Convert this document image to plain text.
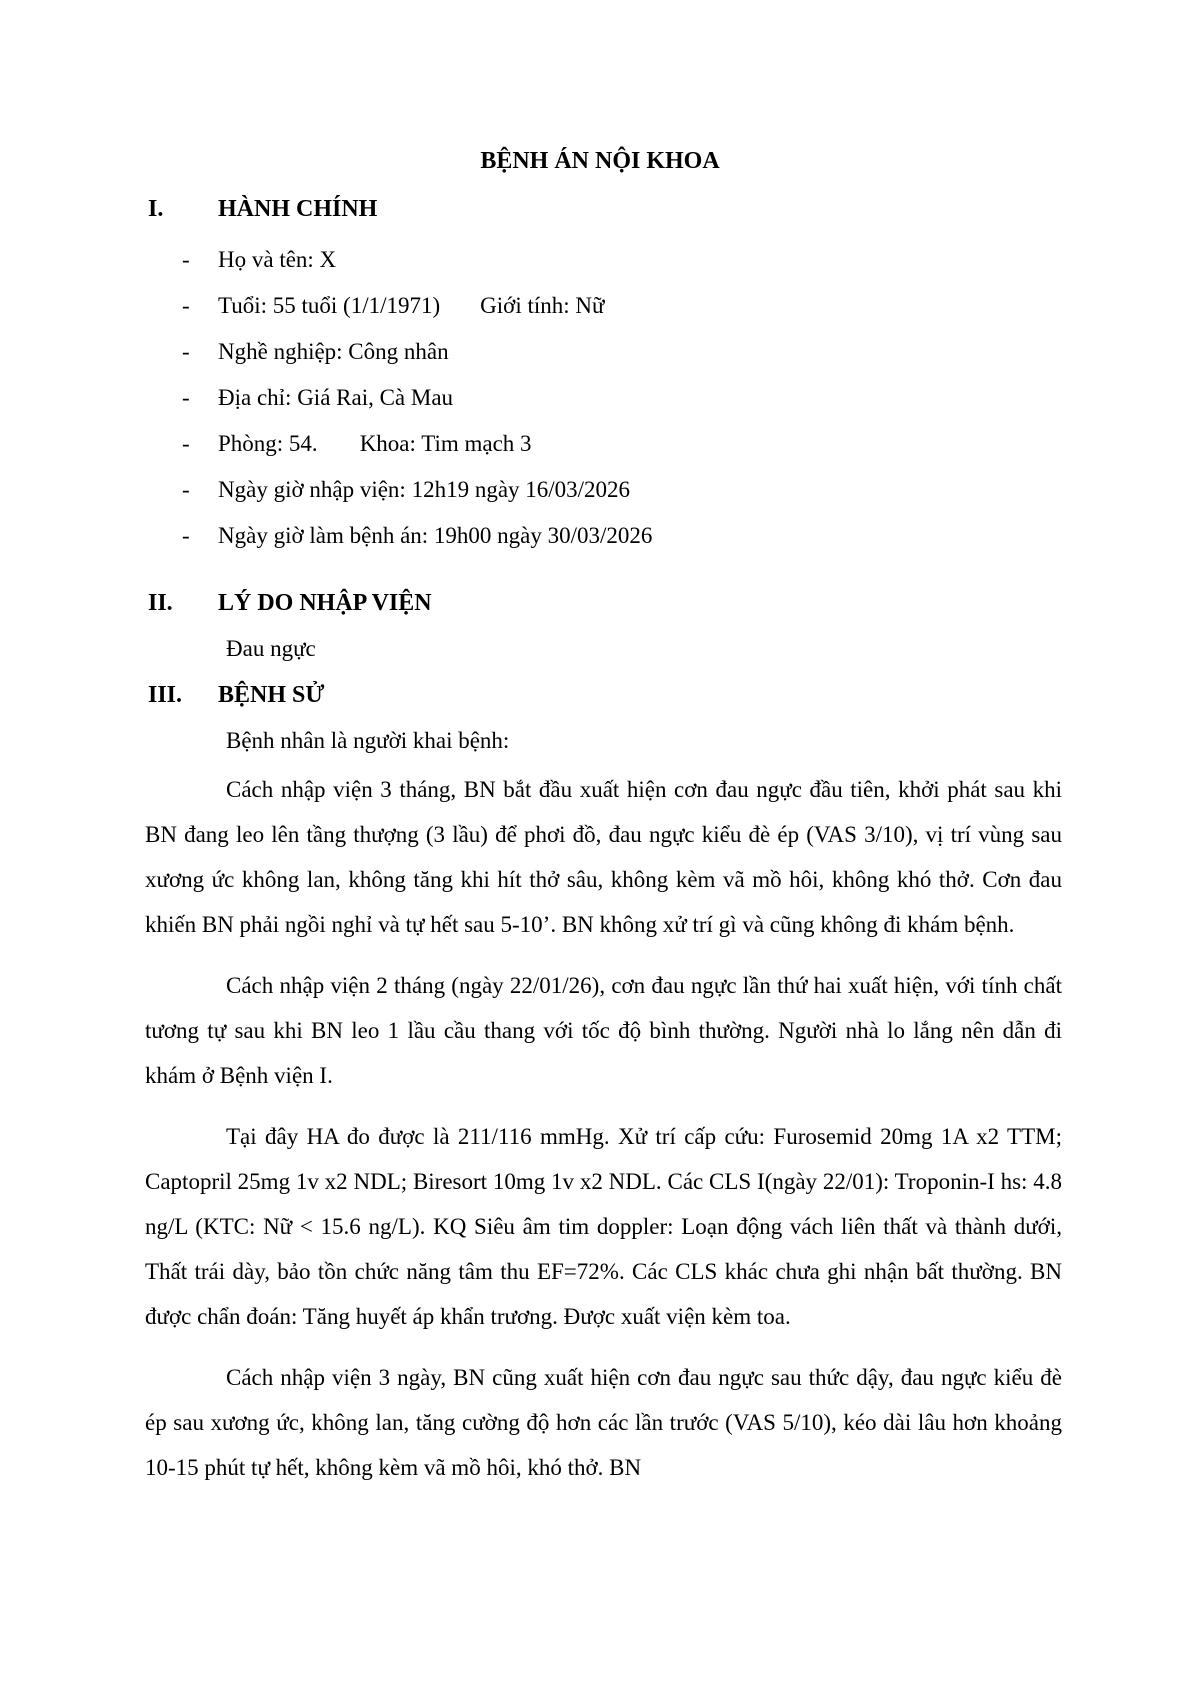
BỆNH ÁN NỘI KHOA
I.	HÀNH CHÍNH
-	Họ và tên: X
-	Tuổi: 55 tuổi (1/1/1971) Giới tính: Nữ
-	Nghề nghiệp: Công nhân
-	Địa chỉ: Giá Rai, Cà Mau
-	Phòng: 54. Khoa: Tim mạch 3
-	Ngày giờ nhập viện: 12h19 ngày 16/03/2026
-	Ngày giờ làm bệnh án: 19h00 ngày 30/03/2026
II.	LÝ DO NHẬP VIỆN
Đau ngực
III.	BỆNH SỬ
Bệnh nhân là người khai bệnh:

Cách nhập viện 3 tháng, BN bắt đầu xuất hiện cơn đau ngực đầu tiên, khởi phát sau khi BN đang leo lên tầng thượng (3 lầu) để phơi đồ, đau ngực kiểu đè ép (VAS 3/10), vị trí vùng sau xương ức không lan, không tăng khi hít thở sâu, không kèm vã mồ hôi, không khó thở. Cơn đau khiến BN phải ngồi nghỉ và tự hết sau 5-10’. BN không xử trí gì và cũng không đi khám bệnh.

Cách nhập viện 2 tháng (ngày 22/01/26), cơn đau ngực lần thứ hai xuất hiện, với tính chất tương tự sau khi BN leo 1 lầu cầu thang với tốc độ bình thường. Người nhà lo lắng nên dẫn đi khám ở Bệnh viện I.

Tại đây HA đo được là 211/116 mmHg. Xử trí cấp cứu: Furosemid 20mg 1A x2 TTM; Captopril 25mg 1v x2 NDL; Biresort 10mg 1v x2 NDL. Các CLS I(ngày 22/01): Troponin-I hs: 4.8 ng/L (KTC: Nữ < 15.6 ng/L). KQ Siêu âm tim doppler: Loạn động vách liên thất và thành dưới, Thất trái dày, bảo tồn chức năng tâm thu EF=72%. Các CLS khác chưa ghi nhận bất thường. BN được chẩn đoán: Tăng huyết áp khẩn trương. Được xuất viện kèm toa.

Cách nhập viện 3 ngày, BN cũng xuất hiện cơn đau ngực sau thức dậy, đau ngực kiểu đè ép sau xương ức, không lan, tăng cường độ hơn các lần trước (VAS 5/10), kéo dài lâu hơn khoảng 10-15 phút tự hết, không kèm vã mồ hôi, khó thở. BN
